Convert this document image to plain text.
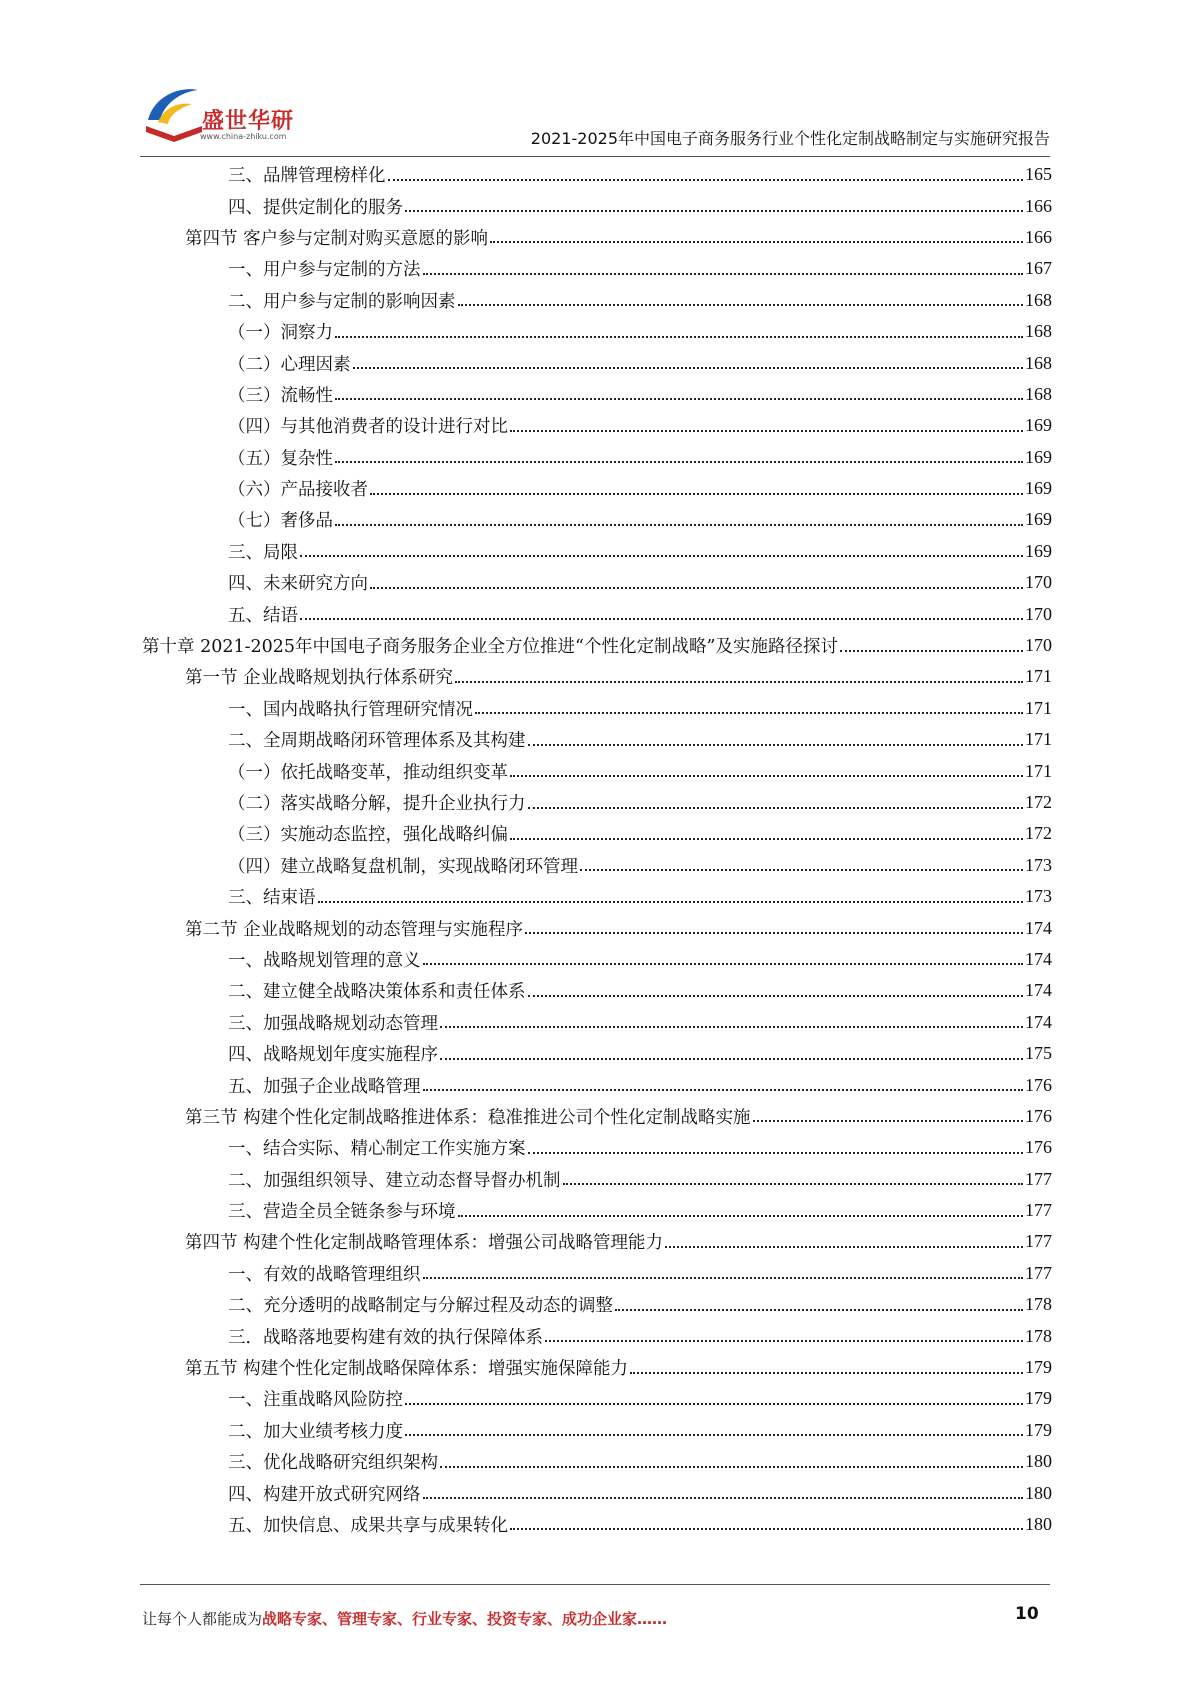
盛世华研
www.china-zhiku.com	2021-2025年中国电子商务服务行业个性化定制战略制定与实施研究报告
三、品牌管理榜样化	165
四、提供定制化的服务	166
第四节 客户参与定制对购买意愿的影响	166
一、用户参与定制的方法	167
二、用户参与定制的影响因素	168
（一）洞察力	168
（二）心理因素	168
（三）流畅性	168
（四）与其他消费者的设计进行对比	169
（五）复杂性	169
（六）产品接收者	169
（七）奢侈品	169
三、局限	169
四、未来研究方向	170
五、结语	170
第十章 2021-2025年中国电子商务服务企业全方位推进“个性化定制战略”及实施路径探讨	170
第一节 企业战略规划执行体系研究	171
一、国内战略执行管理研究情况	171
二、全周期战略闭环管理体系及其构建	171
（一）依托战略变革，推动组织变革	171
（二）落实战略分解，提升企业执行力	172
（三）实施动态监控，强化战略纠偏	172
（四）建立战略复盘机制，实现战略闭环管理	173
三、结束语	173
第二节 企业战略规划的动态管理与实施程序	174
一、战略规划管理的意义	174
二、建立健全战略决策体系和责任体系	174
三、加强战略规划动态管理	174
四、战略规划年度实施程序	175
五、加强子企业战略管理	176
第三节 构建个性化定制战略推进体系：稳准推进公司个性化定制战略实施	176
一、结合实际、精心制定工作实施方案	176
二、加强组织领导、建立动态督导督办机制	177
三、营造全员全链条参与环境	177
第四节 构建个性化定制战略管理体系：增强公司战略管理能力	177
一、有效的战略管理组织	177
二、充分透明的战略制定与分解过程及动态的调整	178
三．战略落地要构建有效的执行保障体系	178
第五节 构建个性化定制战略保障体系：增强实施保障能力	179
一、注重战略风险防控	179
二、加大业绩考核力度	179
三、优化战略研究组织架构	180
四、构建开放式研究网络	180
五、加快信息、成果共享与成果转化	180
让每个人都能成为战略专家、管理专家、行业专家、投资专家、成功企业家……	10
